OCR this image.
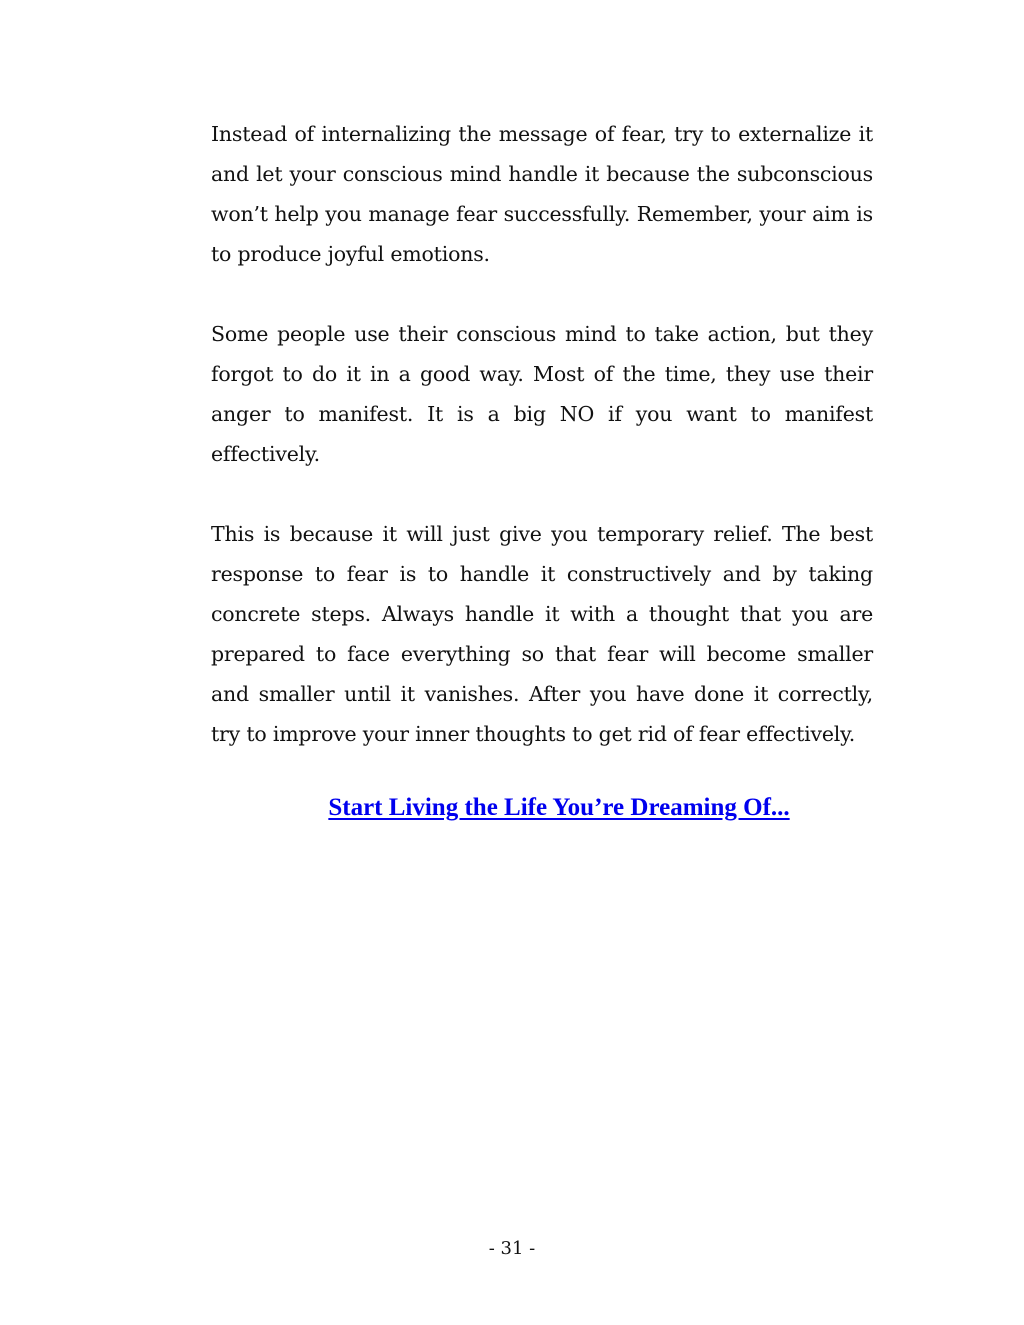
Instead of internalizing the message of fear, try to externalize it and let your conscious mind handle it because the subconscious won’t help you manage fear successfully. Remember, your aim is to produce joyful emotions.

Some people use their conscious mind to take action, but they forgot to do it in a good way. Most of the time, they use their anger to manifest. It is a big NO if you want to manifest effectively.

This is because it will just give you temporary relief. The best response to fear is to handle it constructively and by taking concrete steps. Always handle it with a thought that you are prepared to face everything so that fear will become smaller and smaller until it vanishes. After you have done it correctly, try to improve your inner thoughts to get rid of fear effectively.

Start Living the Life You’re Dreaming Of...
- 31 -
